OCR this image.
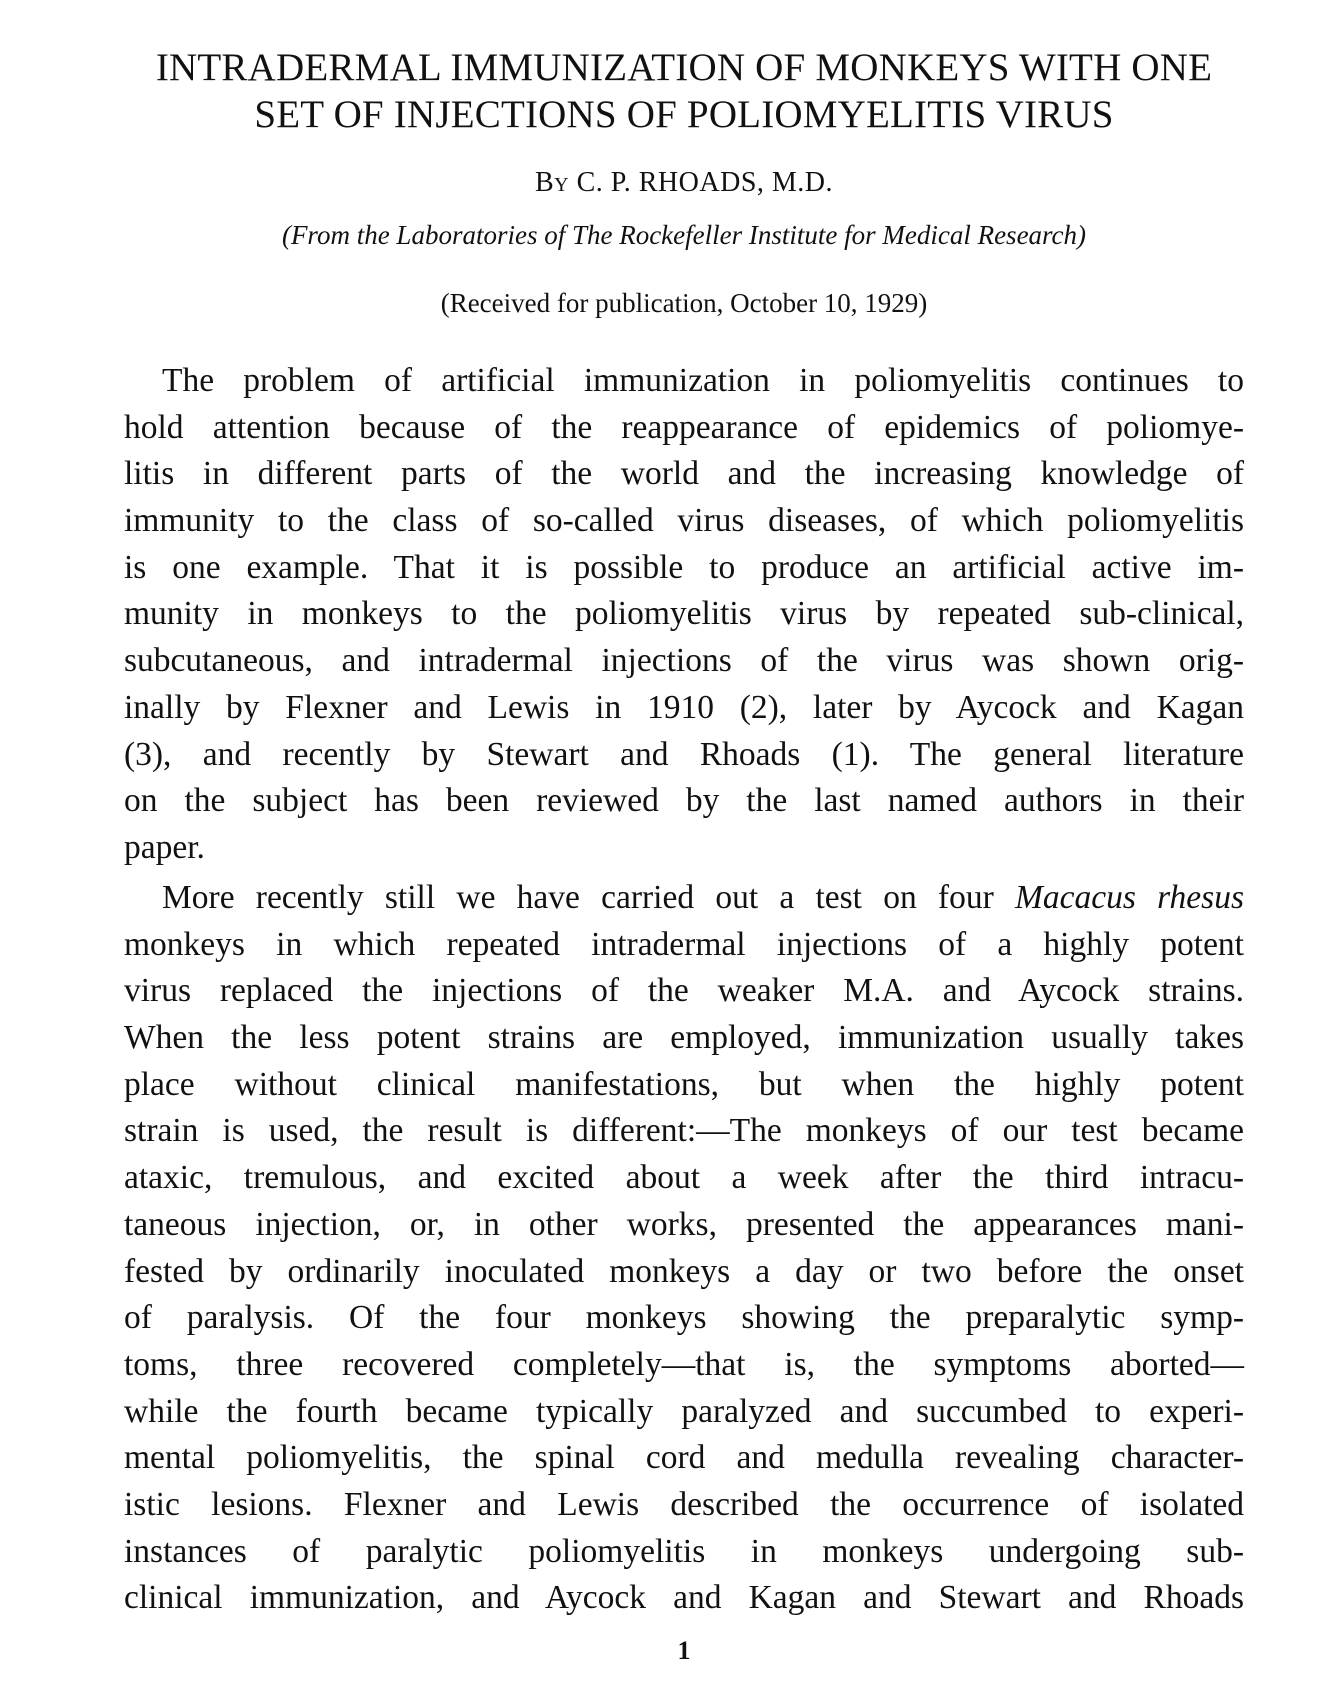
INTRADERMAL IMMUNIZATION OF MONKEYS WITH ONE
SET OF INJECTIONS OF POLIOMYELITIS VIRUS
By C. P. RHOADS, M.D.
(From the Laboratories of The Rockefeller Institute for Medical Research)
(Received for publication, October 10, 1929)
The problem of artificial immunization in poliomyelitis continues to
hold attention because of the reappearance of epidemics of poliomye-
litis in different parts of the world and the increasing knowledge of
immunity to the class of so-called virus diseases, of which poliomyelitis
is one example. That it is possible to produce an artificial active im-
munity in monkeys to the poliomyelitis virus by repeated sub-clinical,
subcutaneous, and intradermal injections of the virus was shown orig-
inally by Flexner and Lewis in 1910 (2), later by Aycock and Kagan
(3), and recently by Stewart and Rhoads (1). The general literature
on the subject has been reviewed by the last named authors in their
paper.
More recently still we have carried out a test on four Macacus rhesus
monkeys in which repeated intradermal injections of a highly potent
virus replaced the injections of the weaker M.A. and Aycock strains.
When the less potent strains are employed, immunization usually takes
place without clinical manifestations, but when the highly potent
strain is used, the result is different:—The monkeys of our test became
ataxic, tremulous, and excited about a week after the third intracu-
taneous injection, or, in other works, presented the appearances mani-
fested by ordinarily inoculated monkeys a day or two before the onset
of paralysis. Of the four monkeys showing the preparalytic symp-
toms, three recovered completely—that is, the symptoms aborted—
while the fourth became typically paralyzed and succumbed to experi-
mental poliomyelitis, the spinal cord and medulla revealing character-
istic lesions. Flexner and Lewis described the occurrence of isolated
instances of paralytic poliomyelitis in monkeys undergoing sub-
clinical immunization, and Aycock and Kagan and Stewart and Rhoads
1
